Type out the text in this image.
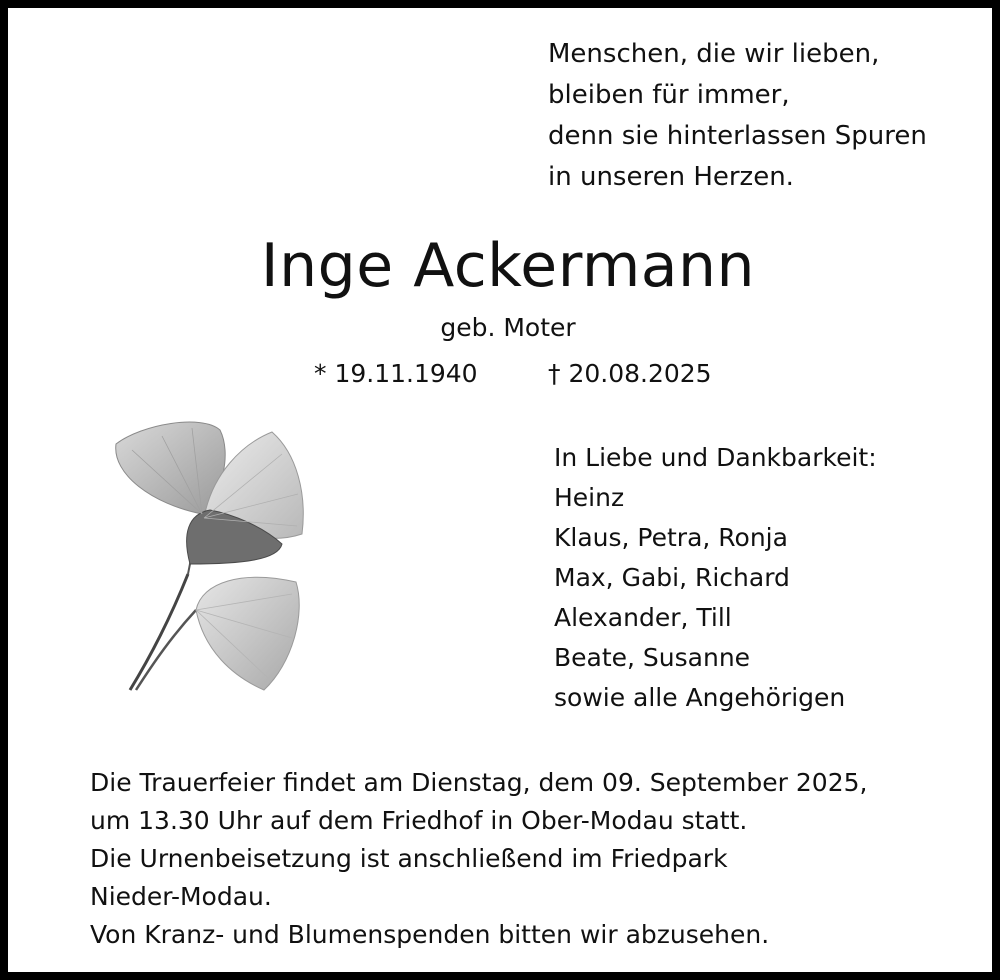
Menschen, die wir lieben,
bleiben für immer,
denn sie hinterlassen Spuren
in unseren Herzen.
Inge Ackermann
geb. Moter
* 19.11.1940	† 20.08.2025
In Liebe und Dankbarkeit:
Heinz
Klaus, Petra, Ronja
Max, Gabi, Richard
Alexander, Till
Beate, Susanne
sowie alle Angehörigen
Die Trauerfeier findet am Dienstag, dem 09. September 2025,
um 13.30 Uhr auf dem Friedhof in Ober-Modau statt.
Die Urnenbeisetzung ist anschließend im Friedpark
Nieder-Modau.
Von Kranz- und Blumenspenden bitten wir abzusehen.
